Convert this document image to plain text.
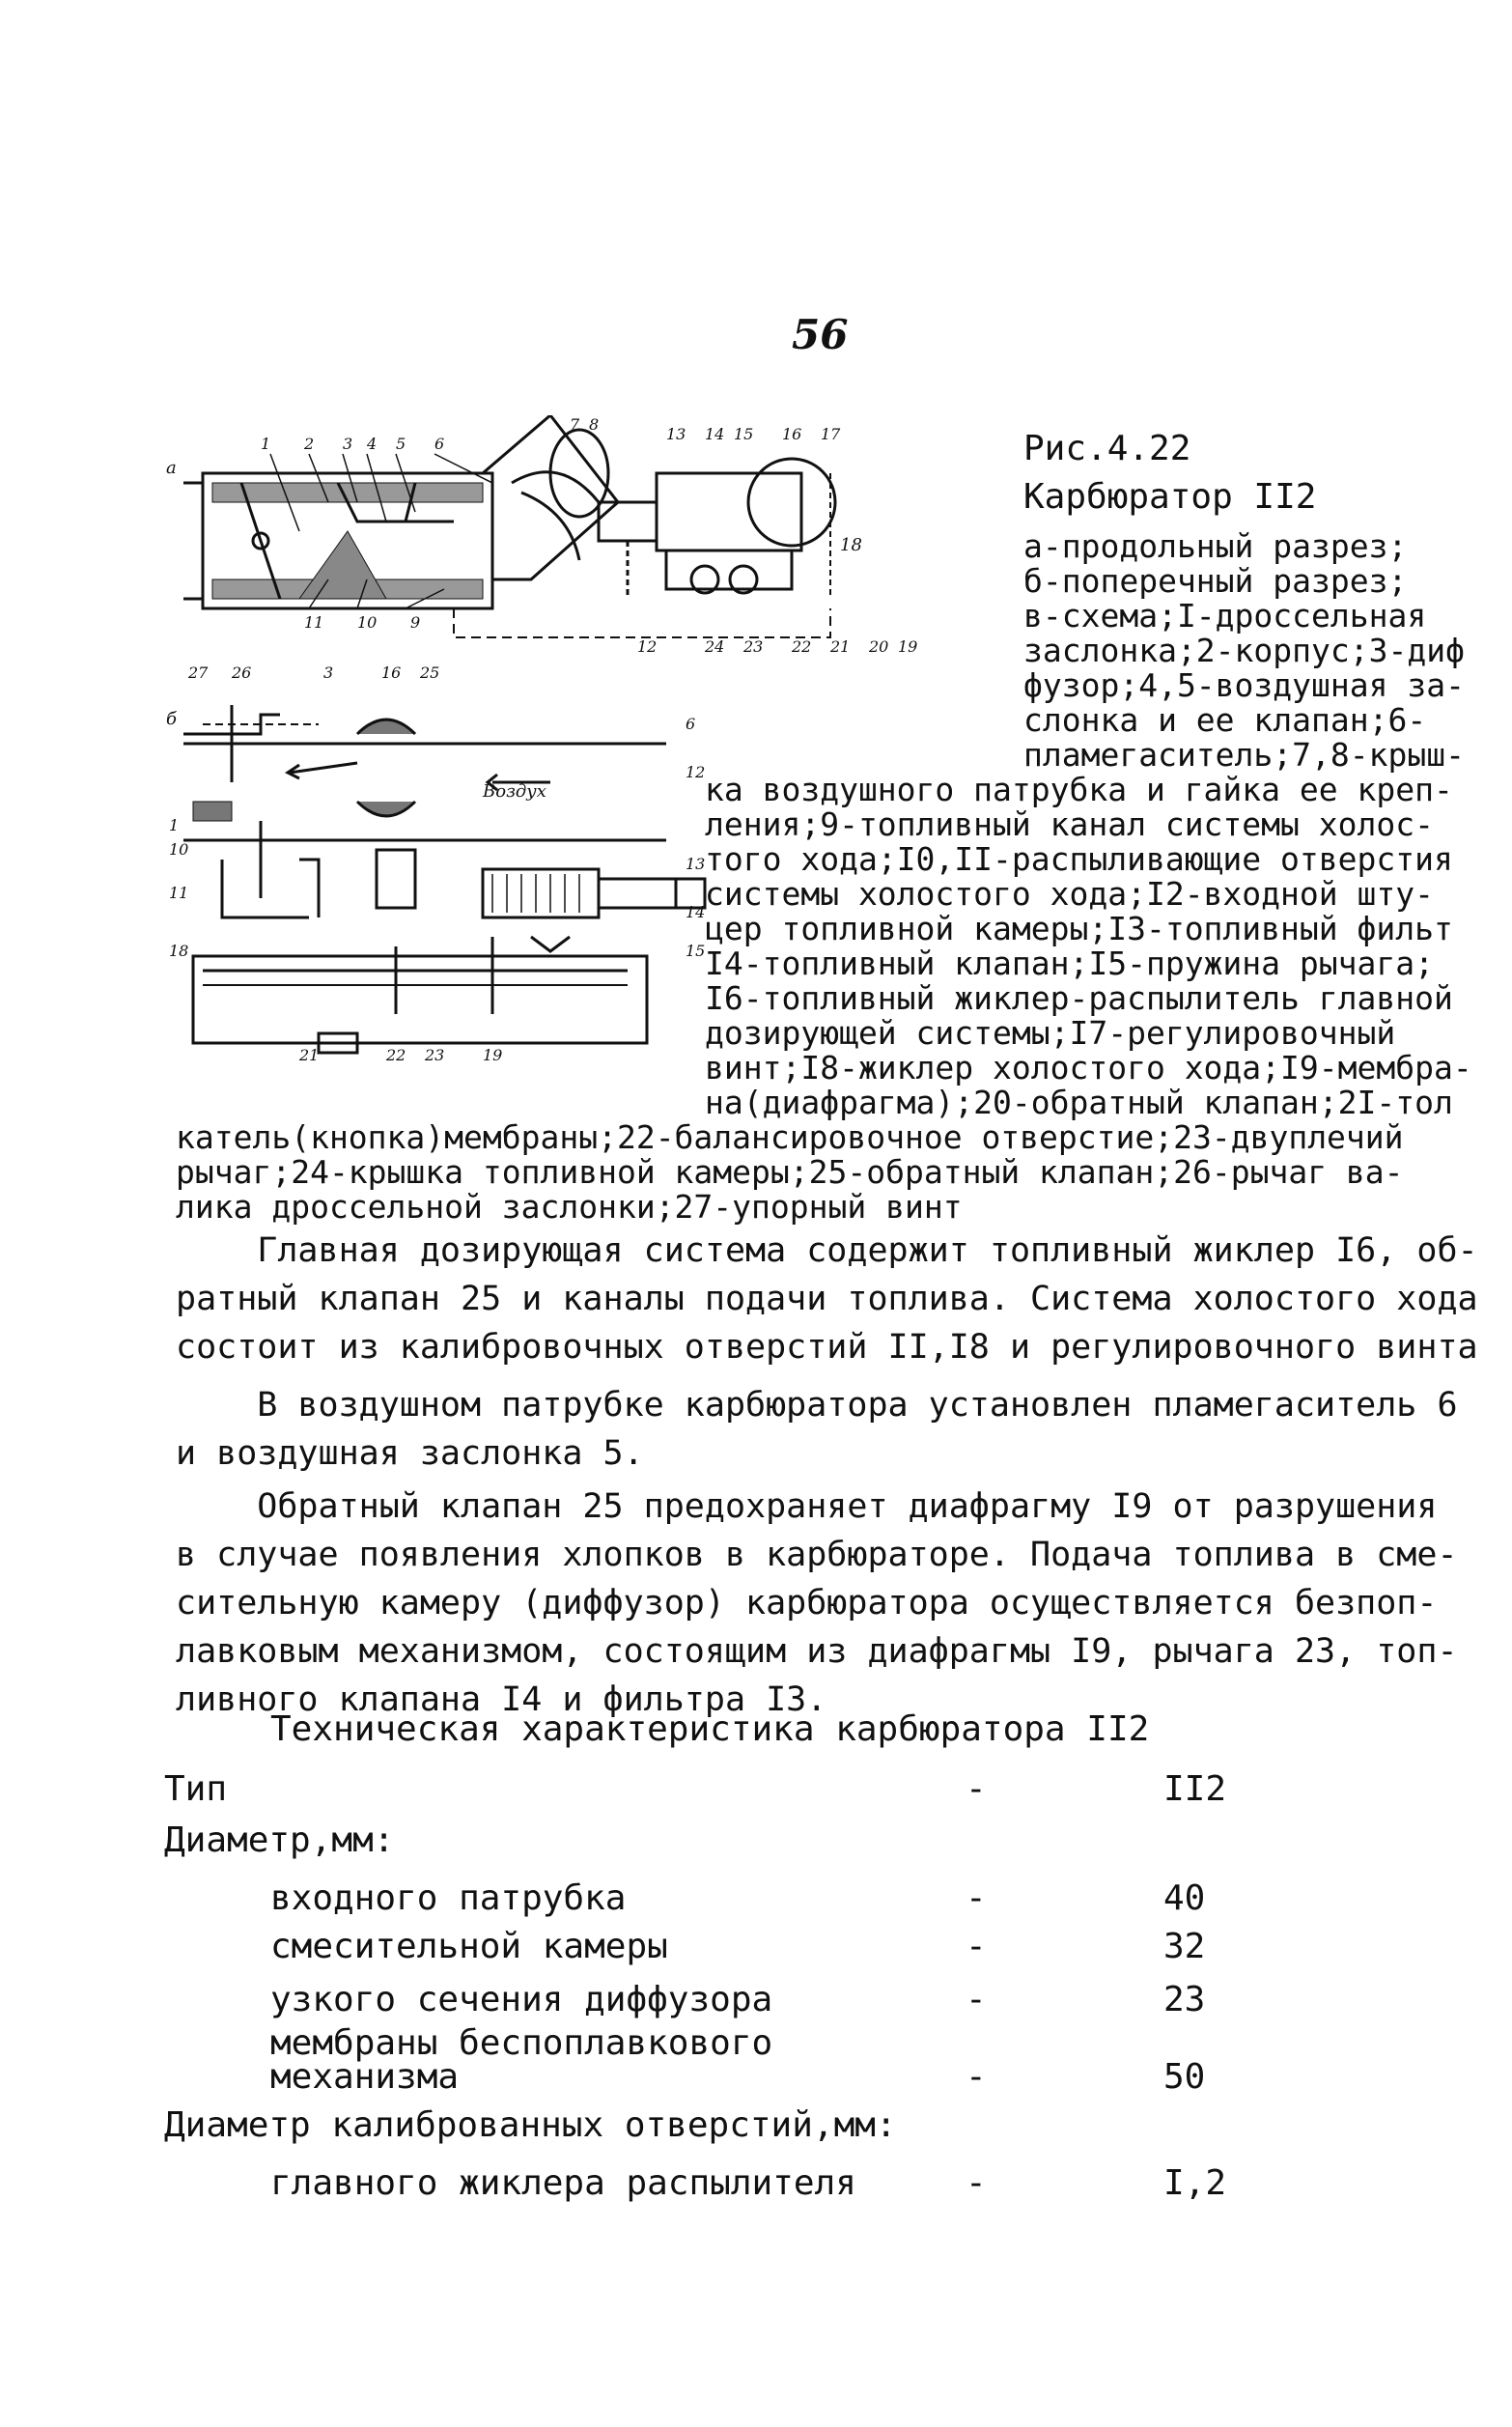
56
а
б
Воздух
18
1 2 3 4 5 6
7 8
13 14 15 16 17
11 10 9
12	24 23 22 21 20 19
27 26	3	16 25
6
12
13
14
15
1
10
11
18
21	22 23 19
Рис.4.22
Карбюратор II2
а-продольный разрез;
б-поперечный разрез;
в-схема;I-дроссельная
заслонка;2-корпус;3-диф
фузор;4,5-воздушная за-
слонка и ее клапан;6-
пламегаситель;7,8-крыш-
ка воздушного патрубка и гайка ее креп-
ления;9-топливный канал системы холос-
того хода;I0,II-распыливающие отверстия
системы холостого хода;I2-входной шту-
цер топливной камеры;I3-топливный фильт
I4-топливный клапан;I5-пружина рычага;
I6-топливный жиклер-распылитель главной
дозирующей системы;I7-регулировочный
винт;I8-жиклер холостого хода;I9-мембра-
на(диафрагма);20-обратный клапан;2I-тол
катель(кнопка)мембраны;22-балансировочное отверстие;23-двуплечий
рычаг;24-крышка топливной камеры;25-обратный клапан;26-рычаг ва-
лика дроссельной заслонки;27-упорный винт
Главная дозирующая система содержит топливный жиклер I6, об-
ратный клапан 25 и каналы подачи топлива. Система холостого хода
состоит из калибровочных отверстий II,I8 и регулировочного винта
В воздушном патрубке карбюратора установлен пламегаситель 6
и воздушная заслонка 5.
Обратный клапан 25 предохраняет диафрагму I9 от разрушения
в случае появления хлопков в карбюраторе. Подача топлива в сме-
сительную камеру (диффузор) карбюратора осуществляется безпоп-
лавковым механизмом, состоящим из диафрагмы I9, рычага 23, топ-
ливного клапана I4 и фильтра I3.
Техническая характеристика карбюратора II2
Тип	-	II2
Диаметр,мм:
входного патрубка	-	40
смесительной камеры	-	32
узкого сечения диффузора	-	23
мембраны беспоплавкового
механизма	-	50
Диаметр калиброванных отверстий,мм:
главного жиклера распылителя	-	I,2
